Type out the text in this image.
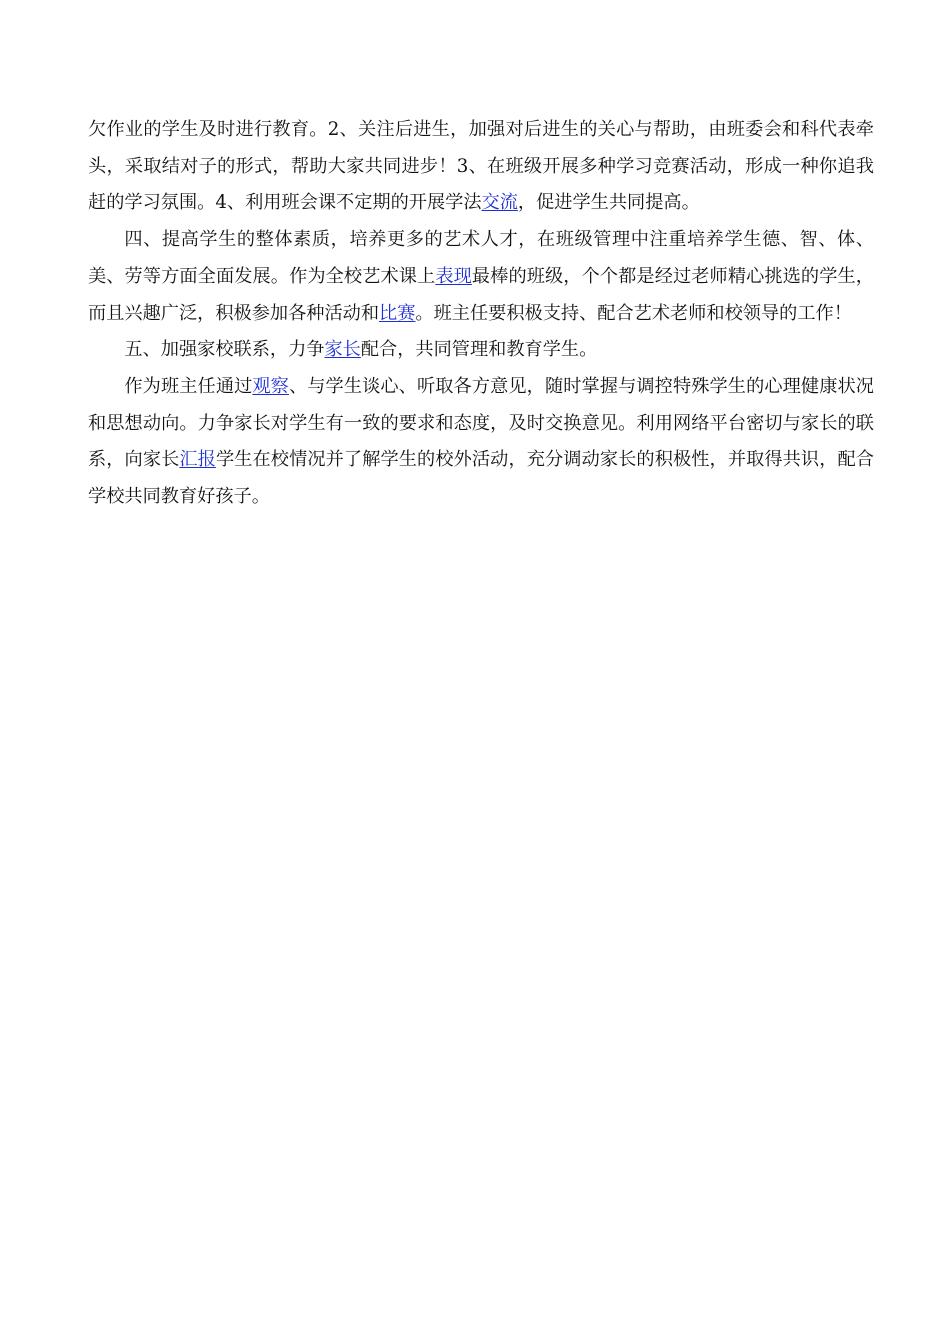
欠作业的学生及时进行教育。2、关注后进生，加强对后进生的关心与帮助，由班委会和科代表牵头，采取结对子的形式，帮助大家共同进步！3、在班级开展多种学习竞赛活动，形成一种你追我赶的学习氛围。4、利用班会课不定期的开展学法交流，促进学生共同提高。

四、提高学生的整体素质，培养更多的艺术人才，在班级管理中注重培养学生德、智、体、美、劳等方面全面发展。作为全校艺术课上表现最棒的班级，个个都是经过老师精心挑选的学生，而且兴趣广泛，积极参加各种活动和比赛。班主任要积极支持、配合艺术老师和校领导的工作！

五、加强家校联系，力争家长配合，共同管理和教育学生。

作为班主任通过观察、与学生谈心、听取各方意见，随时掌握与调控特殊学生的心理健康状况和思想动向。力争家长对学生有一致的要求和态度，及时交换意见。利用网络平台密切与家长的联系，向家长汇报学生在校情况并了解学生的校外活动，充分调动家长的积极性，并取得共识，配合学校共同教育好孩子。
